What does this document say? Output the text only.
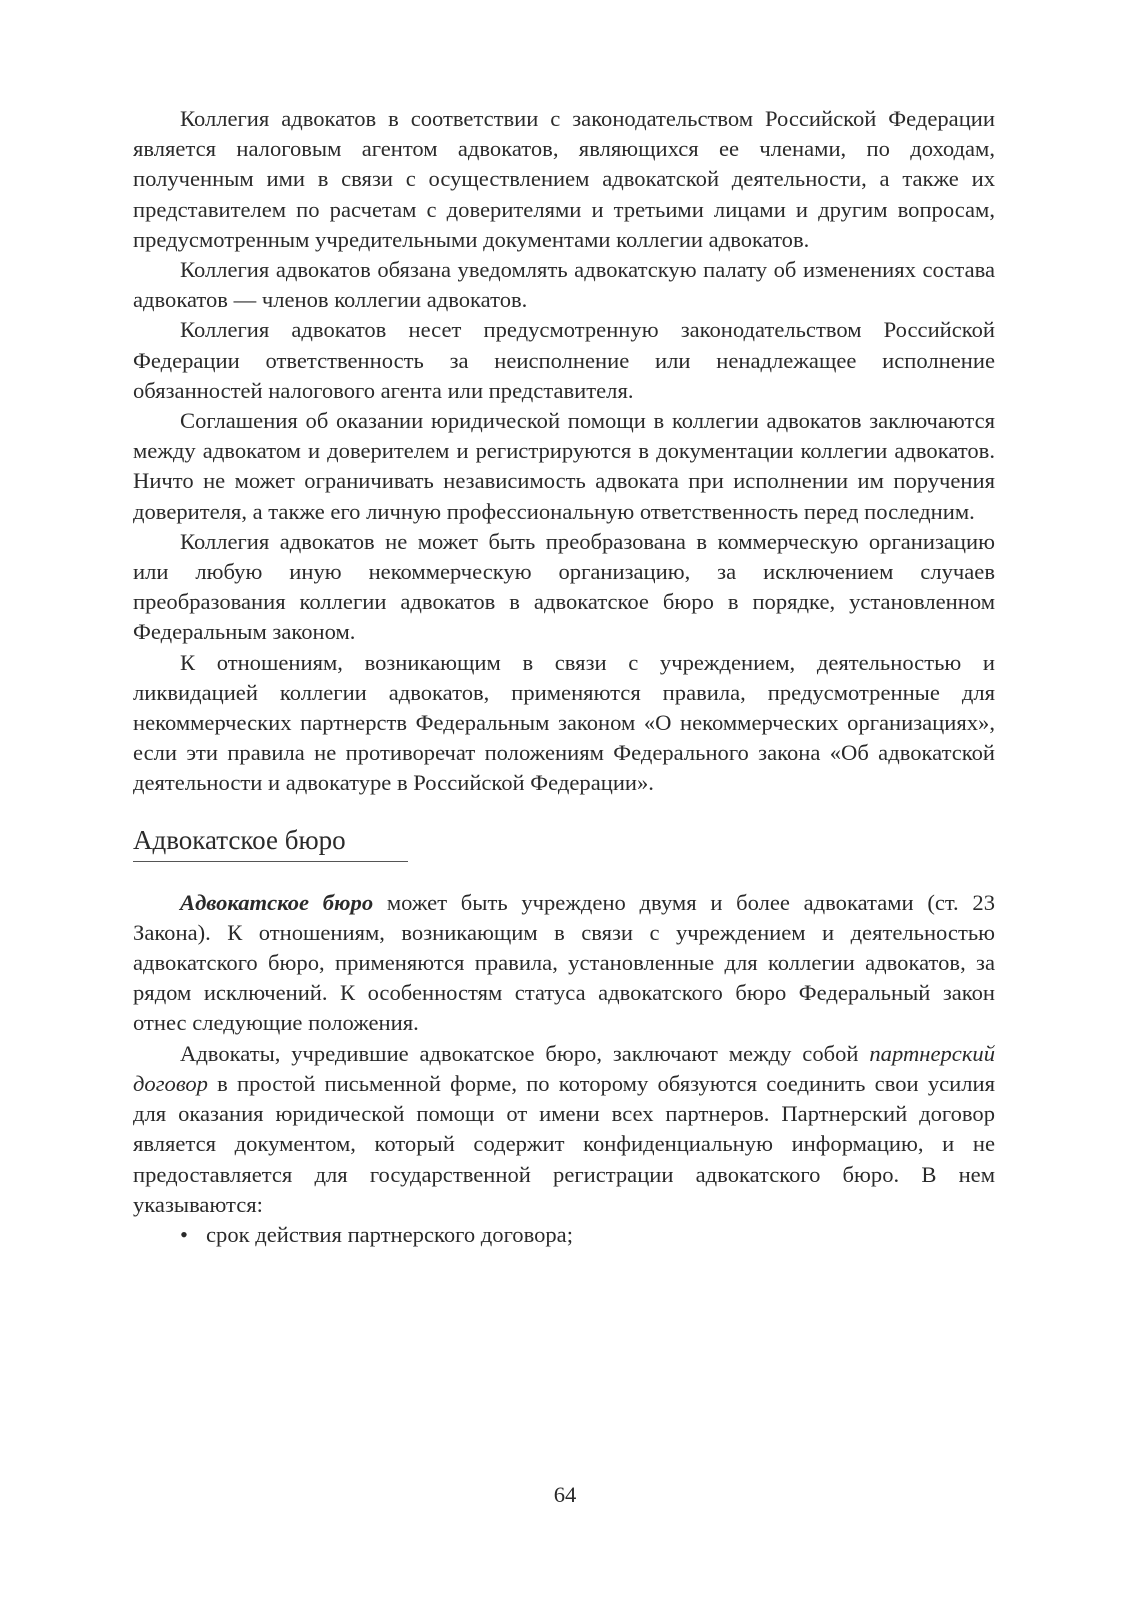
Коллегия адвокатов в соответствии с законодательством Российской Федерации является налоговым агентом адвокатов, являющихся ее членами, по доходам, полученным ими в связи с осуществлением адвокатской деятельности, а также их представителем по расчетам с доверителями и третьими лицами и другим вопросам, предусмотренным учредительными документами коллегии адвокатов.

Коллегия адвокатов обязана уведомлять адвокатскую палату об изменениях состава адвокатов — членов коллегии адвокатов.

Коллегия адвокатов несет предусмотренную законодательством Российской Федерации ответственность за неисполнение или ненадлежащее исполнение обязанностей налогового агента или представителя.

Соглашения об оказании юридической помощи в коллегии адвокатов заключаются между адвокатом и доверителем и регистрируются в документации коллегии адвокатов. Ничто не может ограничивать независимость адвоката при исполнении им поручения доверителя, а также его личную профессиональную ответственность перед последним.

Коллегия адвокатов не может быть преобразована в коммерческую организацию или любую иную некоммерческую организацию, за исключением случаев преобразования коллегии адвокатов в адвокатское бюро в порядке, установленном Федеральным законом.

К отношениям, возникающим в связи с учреждением, деятельностью и ликвидацией коллегии адвокатов, применяются правила, предусмотренные для некоммерческих партнерств Федеральным законом «О некоммерческих организациях», если эти правила не противоречат положениям Федерального закона «Об адвокатской деятельности и адвокатуре в Российской Федерации».

Адвокатское бюро

Адвокатское бюро может быть учреждено двумя и более адвокатами (ст. 23 Закона). К отношениям, возникающим в связи с учреждением и деятельностью адвокатского бюро, применяются правила, установленные для коллегии адвокатов, за рядом исключений. К особенностям статуса адвокатского бюро Федеральный закон отнес следующие положения.

Адвокаты, учредившие адвокатское бюро, заключают между собой партнерский договор в простой письменной форме, по которому обязуются соединить свои усилия для оказания юридической помощи от имени всех партнеров. Партнерский договор является документом, который содержит конфиденциальную информацию, и не предоставляется для государственной регистрации адвокатского бюро. В нем указываются:

• срок действия партнерского договора;
64
